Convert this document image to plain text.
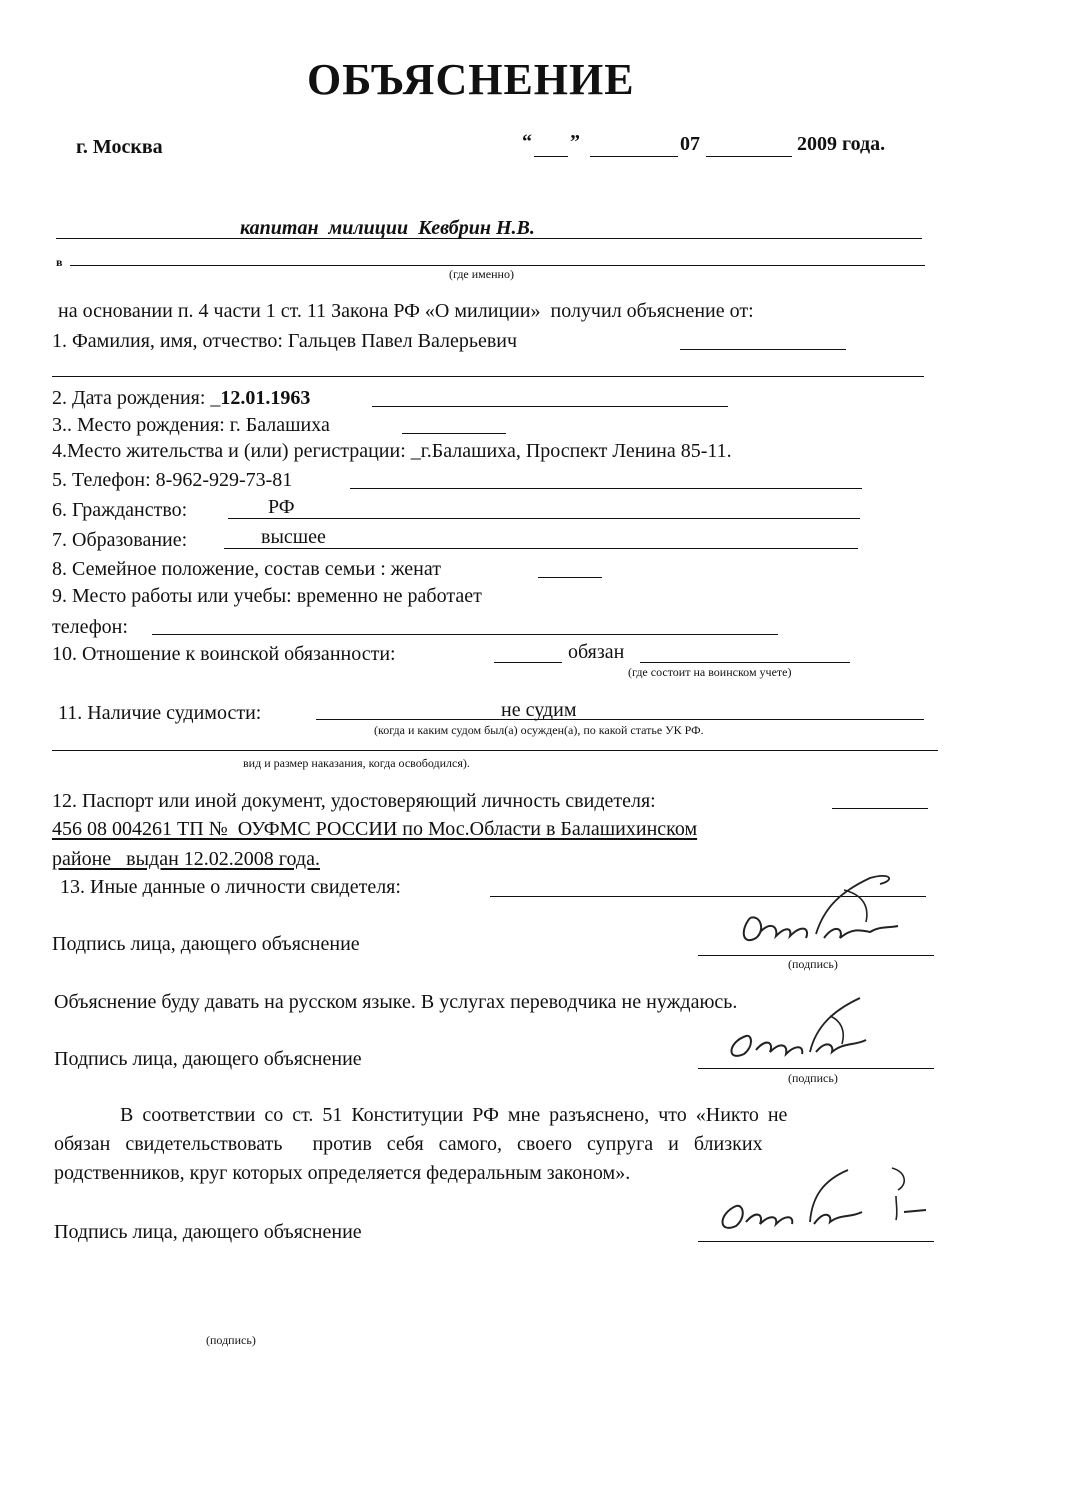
ОБЪЯСНЕНИЕ
г. Москва	“ ”	07	2009 года.
капитан  милиции  Кевбрин Н.В.
в
(где именно)
на основании п. 4 части 1 ст. 11 Закона РФ «О милиции»  получил объяснение от:
1. Фамилия, имя, отчество: Гальцев Павел Валерьевич
2. Дата рождения: _12.01.1963
3.. Место рождения: г. Балашиха
4.Место жительства и (или) регистрации: _г.Балашиха, Проспект Ленина 85-11.
5. Телефон: 8-962-929-73-81
6. Гражданство:	РФ
7. Образование:	высшее
8. Семейное положение, состав семьи : женат
9. Место работы или учебы: временно не работает
телефон:
10. Отношение к воинской обязанности:	обязан
(где состоит на воинском учете)
11. Наличие судимости:	не судим
(когда и каким судом был(а) осужден(а), по какой статье УК РФ.
вид и размер наказания, когда освободился).
12. Паспорт или иной документ, удостоверяющий личность свидетеля:
456 08 004261 ТП №  ОУФМС РОССИИ по Мос.Области в Балашихинском
районе   выдан 12.02.2008 года.
13. Иные данные о личности свидетеля:
Подпись лица, дающего объяснение
(подпись)
Объяснение буду давать на русском языке. В услугах переводчика не нуждаюсь.
Подпись лица, дающего объяснение
(подпись)
В соответствии со ст. 51 Конституции РФ мне разъяснено, что «Никто не
обязан свидетельствовать  против себя самого, своего супруга и близких
родственников, круг которых определяется федеральным законом».
Подпись лица, дающего объяснение
(подпись)
